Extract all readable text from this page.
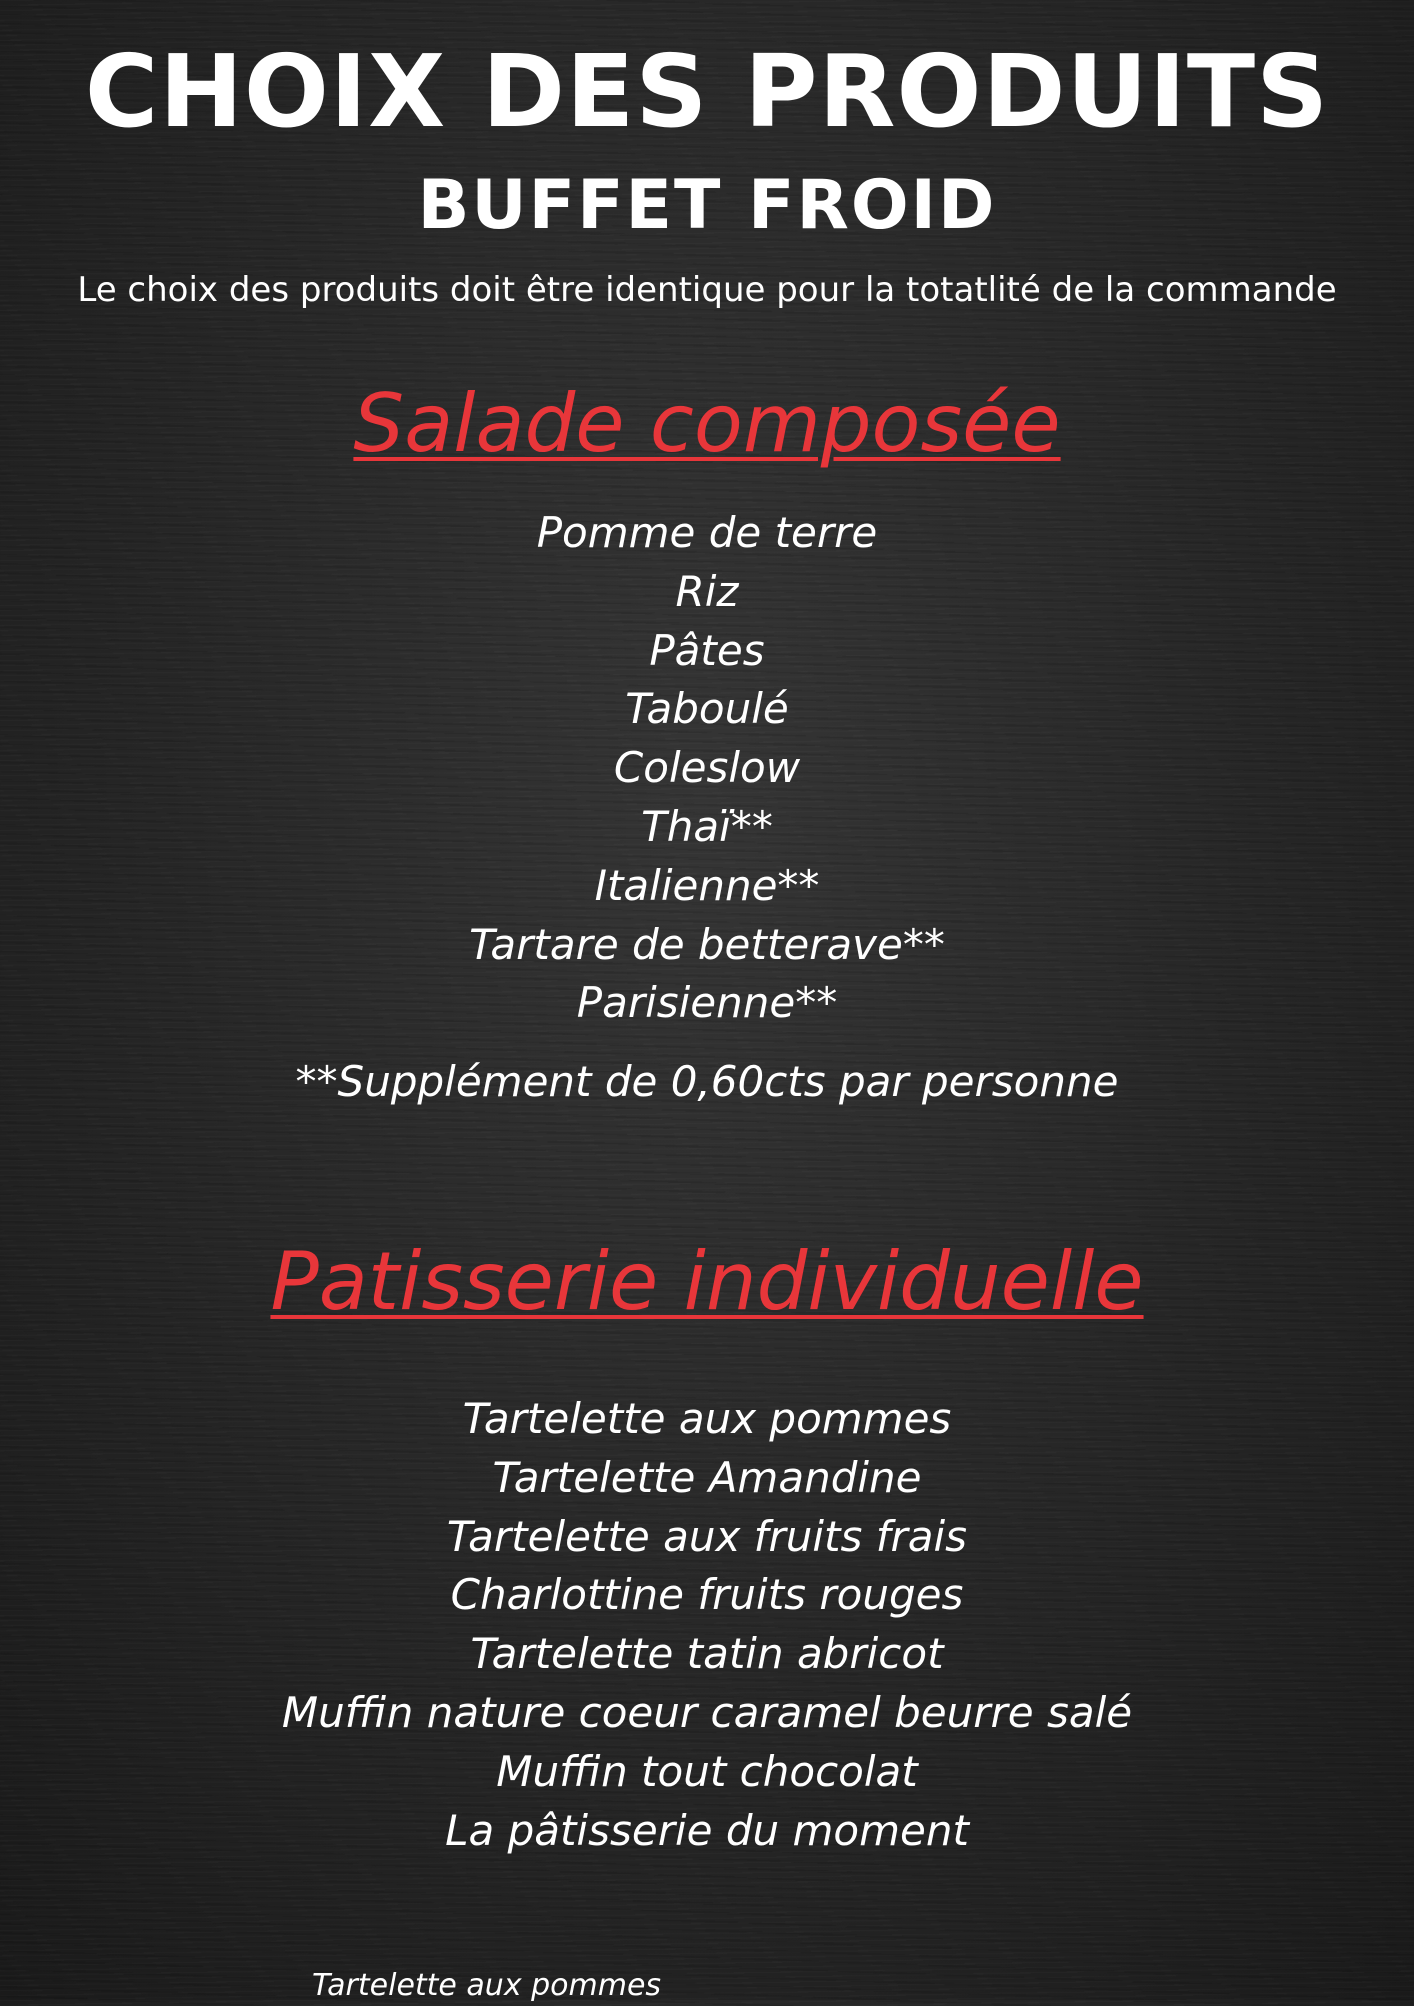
CHOIX DES PRODUITS
BUFFET FROID

Le choix des produits doit être identique pour la totatlité de la commande

Salade composée
Pomme de terre
Riz
Pâtes
Taboulé
Coleslow
Thaï**
Italienne**
Tartare de betterave**
Parisienne**

**Supplément de 0,60cts par personne

Patisserie individuelle
Tartelette aux pommes
Tartelette Amandine
Tartelette aux fruits frais
Charlottine fruits rouges
Tartelette tatin abricot
Muffin nature coeur caramel beurre salé
Muffin tout chocolat
La pâtisserie du moment
Tartelette aux pommes
